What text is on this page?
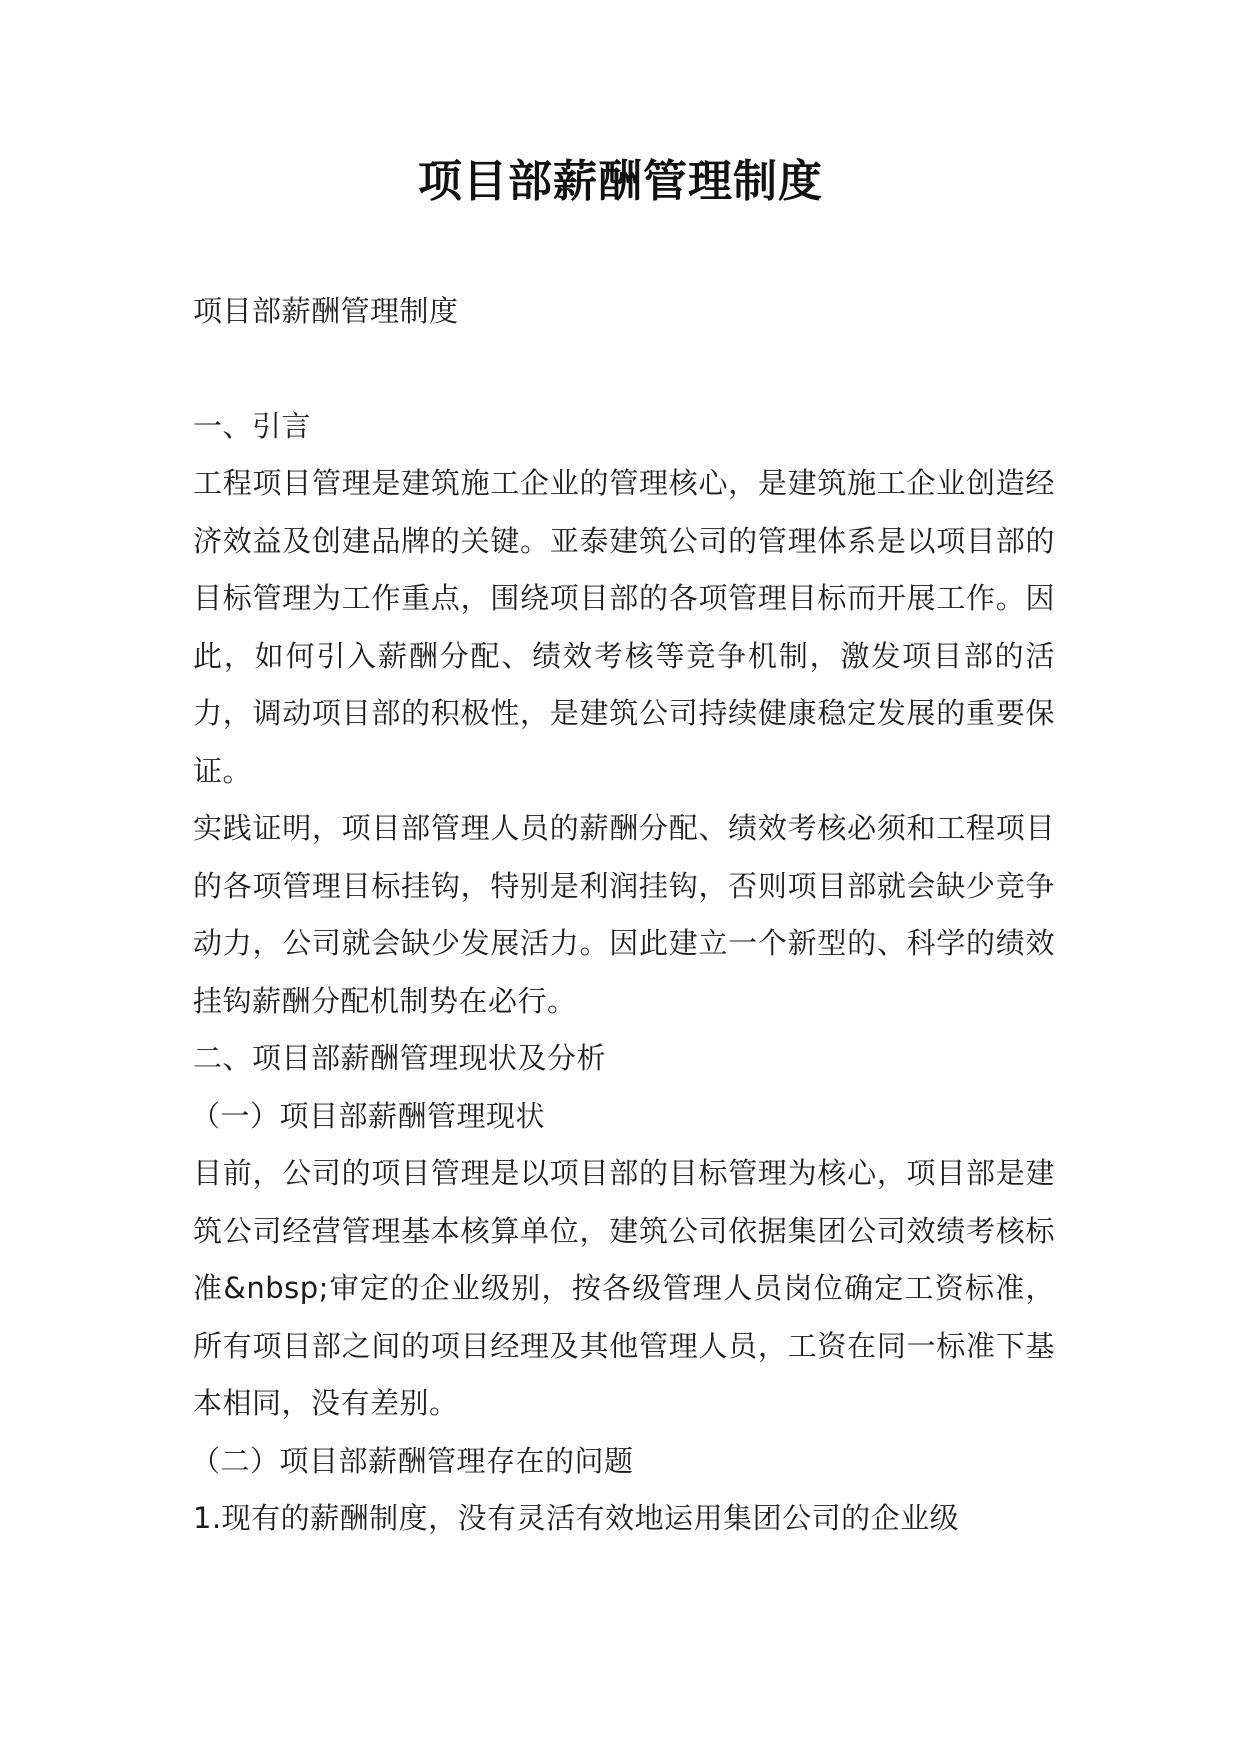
项目部薪酬管理制度

项目部薪酬管理制度

一、引言

工程项目管理是建筑施工企业的管理核心，是建筑施工企业创造经济效益及创建品牌的关键。亚泰建筑公司的管理体系是以项目部的目标管理为工作重点，围绕项目部的各项管理目标而开展工作。因此，如何引入薪酬分配、绩效考核等竞争机制，激发项目部的活力，调动项目部的积极性，是建筑公司持续健康稳定发展的重要保证。

实践证明，项目部管理人员的薪酬分配、绩效考核必须和工程项目的各项管理目标挂钩，特别是利润挂钩，否则项目部就会缺少竞争动力，公司就会缺少发展活力。因此建立一个新型的、科学的绩效挂钩薪酬分配机制势在必行。

二、项目部薪酬管理现状及分析

（一）项目部薪酬管理现状

目前，公司的项目管理是以项目部的目标管理为核心，项目部是建筑公司经营管理基本核算单位，建筑公司依据集团公司效绩考核标准&nbsp;审定的企业级别，按各级管理人员岗位确定工资标准，所有项目部之间的项目经理及其他管理人员，工资在同一标准下基本相同，没有差别。

（二）项目部薪酬管理存在的问题

1.现有的薪酬制度，没有灵活有效地运用集团公司的企业级
